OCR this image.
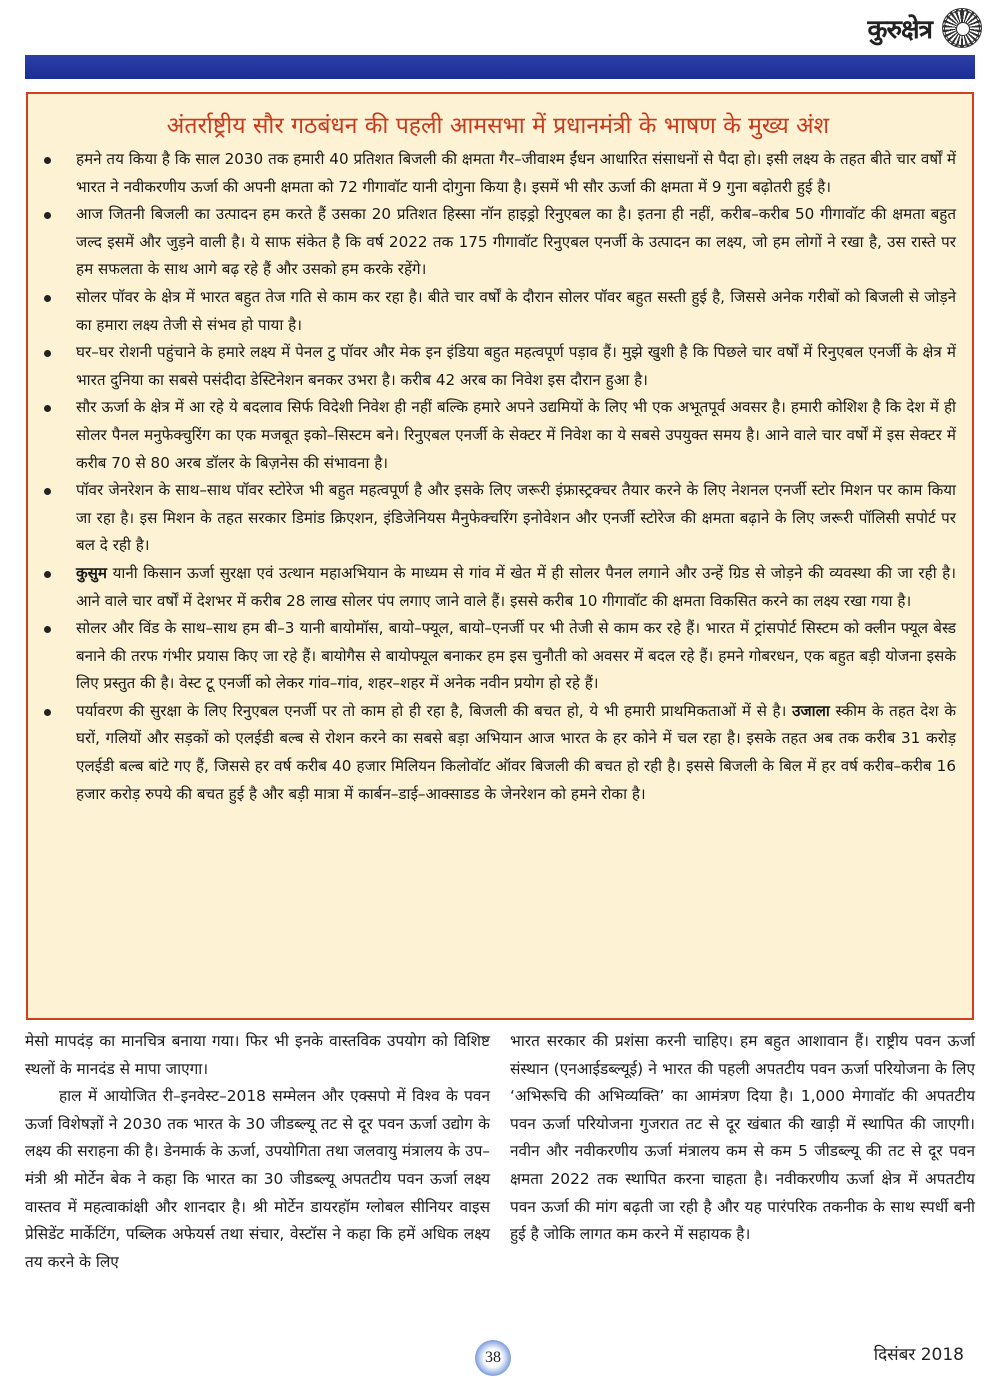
कुरुक्षेत्र
अंतर्राष्ट्रीय सौर गठबंधन की पहली आमसभा में प्रधानमंत्री के भाषण के मुख्य अंश
हमने तय किया है कि साल 2030 तक हमारी 40 प्रतिशत बिजली की क्षमता गैर–जीवाश्म ईंधन आधारित संसाधनों से पैदा हो। इसी लक्ष्य के तहत बीते चार वर्षों में भारत ने नवीकरणीय ऊर्जा की अपनी क्षमता को 72 गीगावॉट यानी दोगुना किया है। इसमें भी सौर ऊर्जा की क्षमता में 9 गुना बढ़ोतरी हुई है।
आज जितनी बिजली का उत्पादन हम करते हैं उसका 20 प्रतिशत हिस्सा नॉन हाइड्रो रिनुएबल का है। इतना ही नहीं, करीब–करीब 50 गीगावॉट की क्षमता बहुत जल्द इसमें और जुड़ने वाली है। ये साफ संकेत है कि वर्ष 2022 तक 175 गीगावॉट रिनुएबल एनर्जी के उत्पादन का लक्ष्य, जो हम लोगों ने रखा है, उस रास्ते पर हम सफलता के साथ आगे बढ़ रहे हैं और उसको हम करके रहेंगे।
सोलर पॉवर के क्षेत्र में भारत बहुत तेज गति से काम कर रहा है। बीते चार वर्षों के दौरान सोलर पॉवर बहुत सस्ती हुई है, जिससे अनेक गरीबों को बिजली से जोड़ने का हमारा लक्ष्य तेजी से संभव हो पाया है।
घर–घर रोशनी पहुंचाने के हमारे लक्ष्य में पेनल टु पॉवर और मेक इन इंडिया बहुत महत्वपूर्ण पड़ाव हैं। मुझे खुशी है कि पिछले चार वर्षों में रिनुएबल एनर्जी के क्षेत्र में भारत दुनिया का सबसे पसंदीदा डेस्टिनेशन बनकर उभरा है। करीब 42 अरब का निवेश इस दौरान हुआ है।
सौर ऊर्जा के क्षेत्र में आ रहे ये बदलाव सिर्फ विदेशी निवेश ही नहीं बल्कि हमारे अपने उद्यमियों के लिए भी एक अभूतपूर्व अवसर है। हमारी कोशिश है कि देश में ही सोलर पैनल मनुफेक्चुरिंग का एक मजबूत इको–सिस्टम बने। रिनुएबल एनर्जी के सेक्टर में निवेश का ये सबसे उपयुक्त समय है। आने वाले चार वर्षों में इस सेक्टर में करीब 70 से 80 अरब डॉलर के बिज़नेस की संभावना है।
पॉवर जेनरेशन के साथ–साथ पॉवर स्टोरेज भी बहुत महत्वपूर्ण है और इसके लिए जरूरी इंफ्रास्ट्रक्चर तैयार करने के लिए नेशनल एनर्जी स्टोर मिशन पर काम किया जा रहा है। इस मिशन के तहत सरकार डिमांड क्रिएशन, इंडिजेनियस मैनुफेक्चरिंग इनोवेशन और एनर्जी स्टोरेज की क्षमता बढ़ाने के लिए जरूरी पॉलिसी सपोर्ट पर बल दे रही है।
कुसुम यानी किसान ऊर्जा सुरक्षा एवं उत्थान महाअभियान के माध्यम से गांव में खेत में ही सोलर पैनल लगाने और उन्हें ग्रिड से जोड़ने की व्यवस्था की जा रही है। आने वाले चार वर्षों में देशभर में करीब 28 लाख सोलर पंप लगाए जाने वाले हैं। इससे करीब 10 गीगावॉट की क्षमता विकसित करने का लक्ष्य रखा गया है।
सोलर और विंड के साथ–साथ हम बी–3 यानी बायोमॉस, बायो–फ्यूल, बायो–एनर्जी पर भी तेजी से काम कर रहे हैं। भारत में ट्रांसपोर्ट सिस्टम को क्लीन फ्यूल बेस्ड बनाने की तरफ गंभीर प्रयास किए जा रहे हैं। बायोगैस से बायोफ्यूल बनाकर हम इस चुनौती को अवसर में बदल रहे हैं। हमने गोबरधन, एक बहुत बड़ी योजना इसके लिए प्रस्तुत की है। वेस्ट टू एनर्जी को लेकर गांव–गांव, शहर–शहर में अनेक नवीन प्रयोग हो रहे हैं।
पर्यावरण की सुरक्षा के लिए रिनुएबल एनर्जी पर तो काम हो ही रहा है, बिजली की बचत हो, ये भी हमारी प्राथमिकताओं में से है। उजाला स्कीम के तहत देश के घरों, गलियों और सड़कों को एलईडी बल्ब से रोशन करने का सबसे बड़ा अभियान आज भारत के हर कोने में चल रहा है। इसके तहत अब तक करीब 31 करोड़ एलईडी बल्ब बांटे गए हैं, जिससे हर वर्ष करीब 40 हजार मिलियन किलोवॉट ऑवर बिजली की बचत हो रही है। इससे बिजली के बिल में हर वर्ष करीब–करीब 16 हजार करोड़ रुपये की बचत हुई है और बड़ी मात्रा में कार्बन–डाई–आक्साडड के जेनरेशन को हमने रोका है।

मेसो मापदंड़ का मानचित्र बनाया गया। फिर भी इनके वास्तविक उपयोग को विशिष्ट स्थलों के मानदंड से मापा जाएगा।

हाल में आयोजित री–इनवेस्ट–2018 सम्मेलन और एक्सपो में विश्व के पवन ऊर्जा विशेषज्ञों ने 2030 तक भारत के 30 जीडब्ल्यू तट से दूर पवन ऊर्जा उद्योग के लक्ष्य की सराहना की है। डेनमार्क के ऊर्जा, उपयोगिता तथा जलवायु मंत्रालय के उप–मंत्री श्री मोर्टेन बेक ने कहा कि भारत का 30 जीडब्ल्यू अपतटीय पवन ऊर्जा लक्ष्य वास्तव में महत्वाकांक्षी और शानदार है। श्री मोर्टेन डायरहॉम ग्लोबल सीनियर वाइस प्रेसिडेंट मार्केटिंग, पब्लिक अफेयर्स तथा संचार, वेस्टॉस ने कहा कि हमें अधिक लक्ष्य तय करने के लिए

भारत सरकार की प्रशंसा करनी चाहिए। हम बहुत आशावान हैं। राष्ट्रीय पवन ऊर्जा संस्थान (एनआईडब्ल्यूई) ने भारत की पहली अपतटीय पवन ऊर्जा परियोजना के लिए ‘अभिरूचि की अभिव्यक्ति’ का आमंत्रण दिया है। 1,000 मेगावॉट की अपतटीय पवन ऊर्जा परियोजना गुजरात तट से दूर खंबात की खाड़ी में स्थापित की जाएगी। नवीन और नवीकरणीय ऊर्जा मंत्रालय कम से कम 5 जीडब्ल्यू की तट से दूर पवन क्षमता 2022 तक स्थापित करना चाहता है। नवीकरणीय ऊर्जा क्षेत्र में अपतटीय पवन ऊर्जा की मांग बढ़ती जा रही है और यह पारंपरिक तकनीक के साथ स्पर्धी बनी हुई है जोकि लागत कम करने में सहायक है।

38	दिसंबर 2018
